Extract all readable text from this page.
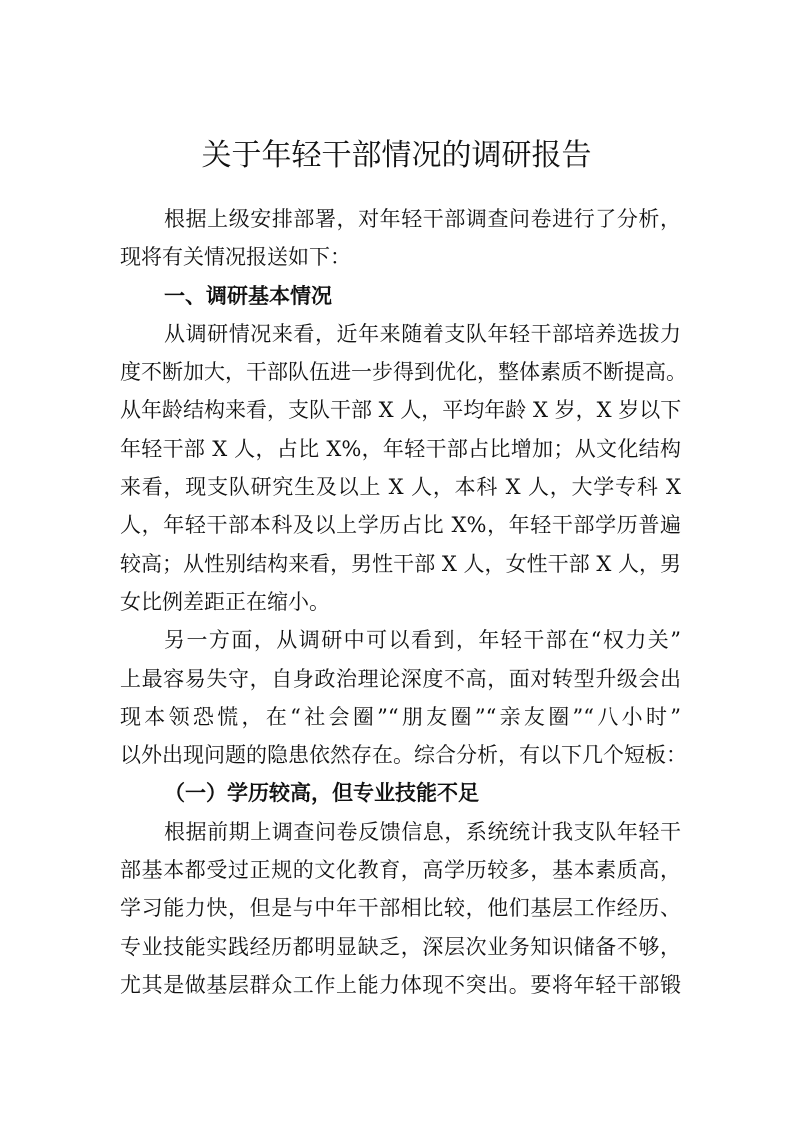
关于年轻干部情况的调研报告
根据上级安排部署，对年轻干部调查问卷进行了分析，
现将有关情况报送如下：
一、调研基本情况
从调研情况来看，近年来随着支队年轻干部培养选拔力
度不断加大，干部队伍进一步得到优化，整体素质不断提高。
从年龄结构来看，支队干部 X 人，平均年龄 X 岁，X 岁以下
年轻干部 X 人，占比 X%，年轻干部占比增加；从文化结构
来看，现支队研究生及以上 X 人，本科 X 人，大学专科 X
人，年轻干部本科及以上学历占比 X%，年轻干部学历普遍
较高；从性别结构来看，男性干部 X 人，女性干部 X 人，男
女比例差距正在缩小。
另一方面，从调研中可以看到，年轻干部在“权力关”
上最容易失守，自身政治理论深度不高，面对转型升级会出
现本领恐慌，在“社会圈”“朋友圈”“亲友圈”“八小时”
以外出现问题的隐患依然存在。综合分析，有以下几个短板：
（一）学历较高，但专业技能不足
根据前期上调查问卷反馈信息，系统统计我支队年轻干
部基本都受过正规的文化教育，高学历较多，基本素质高，
学习能力快，但是与中年干部相比较，他们基层工作经历、
专业技能实践经历都明显缺乏，深层次业务知识储备不够，
尤其是做基层群众工作上能力体现不突出。要将年轻干部锻
